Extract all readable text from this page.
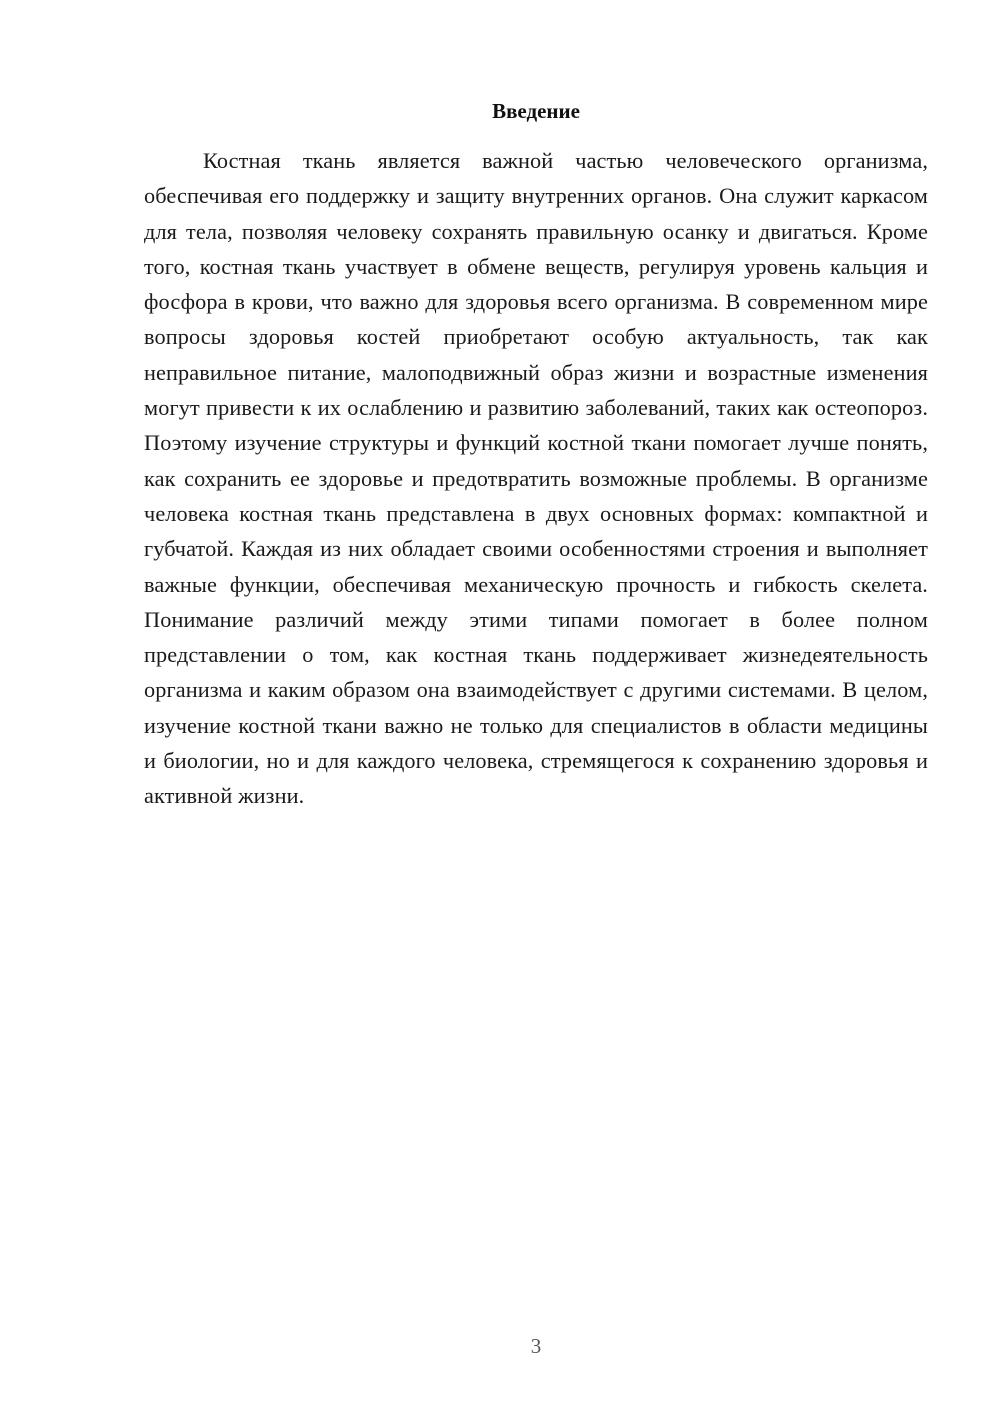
Введение

Костная ткань является важной частью человеческого организма, обеспечивая его поддержку и защиту внутренних органов. Она служит каркасом для тела, позволяя человеку сохранять правильную осанку и двигаться. Кроме того, костная ткань участвует в обмене веществ, регулируя уровень кальция и фосфора в крови, что важно для здоровья всего организма. В современном мире вопросы здоровья костей приобретают особую актуальность, так как неправильное питание, малоподвижный образ жизни и возрастные изменения могут привести к их ослаблению и развитию заболеваний, таких как остеопороз. Поэтому изучение структуры и функций костной ткани помогает лучше понять, как сохранить ее здоровье и предотвратить возможные проблемы. В организме человека костная ткань представлена в двух основных формах: компактной и губчатой. Каждая из них обладает своими особенностями строения и выполняет важные функции, обеспечивая механическую прочность и гибкость скелета. Понимание различий между этими типами помогает в более полном представлении о том, как костная ткань поддерживает жизнедеятельность организма и каким образом она взаимодействует с другими системами. В целом, изучение костной ткани важно не только для специалистов в области медицины и биологии, но и для каждого человека, стремящегося к сохранению здоровья и активной жизни.

3
